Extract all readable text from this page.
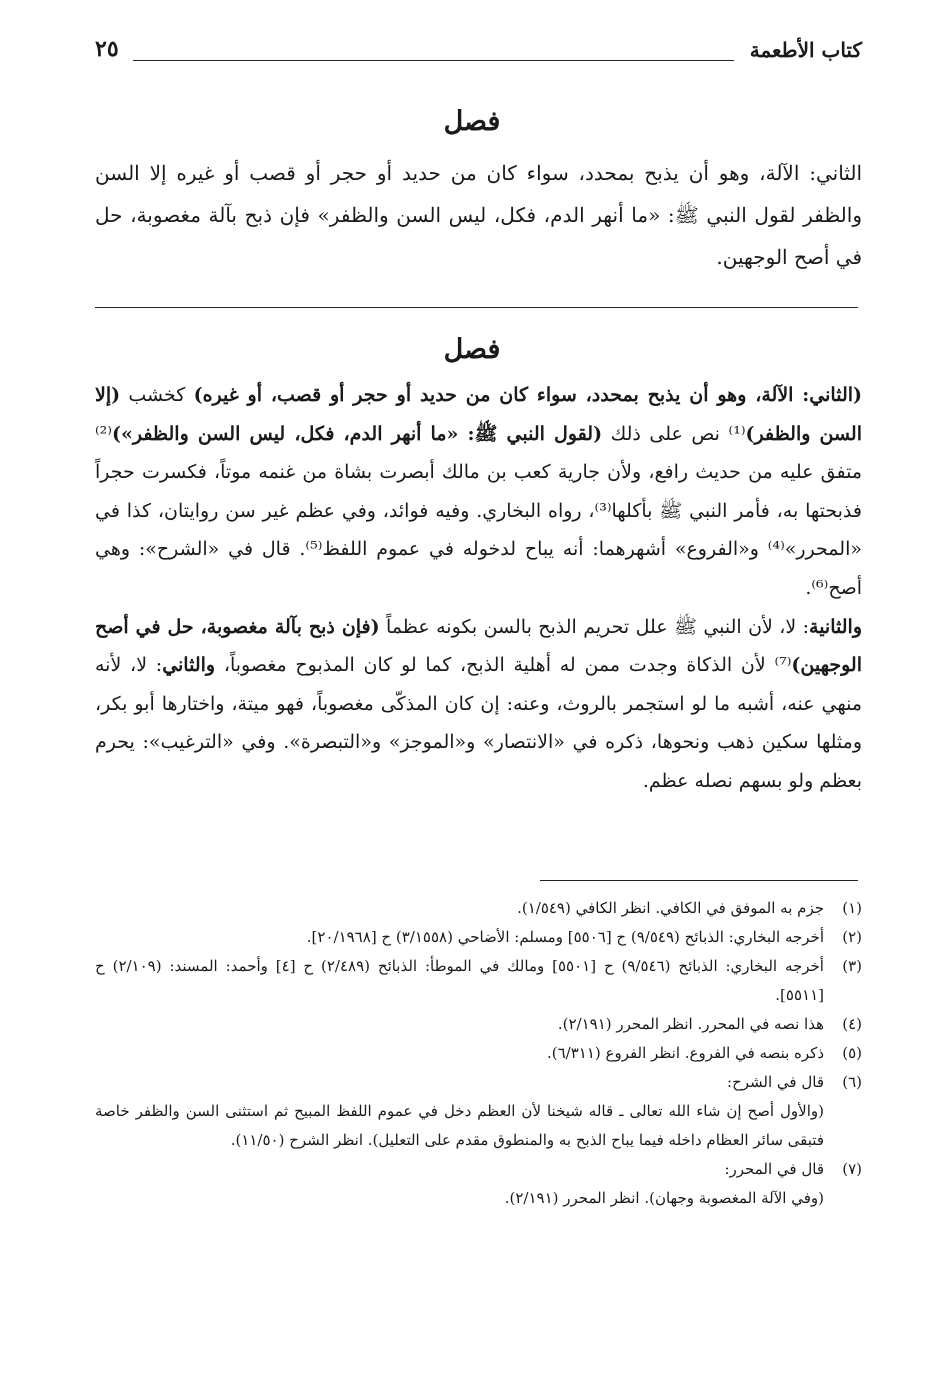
كتاب الأطعمة
٢٥
فصل
الثاني: الآلة، وهو أن يذبح بمحدد، سواء كان من حديد أو حجر أو قصب أو غيره إلا السن والظفر لقول النبي ﷺ: «ما أنهر الدم، فكل، ليس السن والظفر» فإن ذبح بآلة مغصوبة، حل في أصح الوجهين.
فصل

(الثاني: الآلة، وهو أن يذبح بمحدد، سواء كان من حديد أو حجر أو قصب، أو غيره) كخشب (إلا السن والظفر)⁽¹⁾ نص على ذلك (لقول النبي ﷺ: «ما أنهر الدم، فكل، ليس السن والظفر»)⁽²⁾ متفق عليه من حديث رافع، ولأن جارية كعب بن مالك أبصرت بشاة من غنمه موتاً، فكسرت حجراً فذبحتها به، فأمر النبي ﷺ بأكلها⁽³⁾، رواه البخاري. وفيه فوائد، وفي عظم غير سن روايتان، كذا في «المحرر»⁽⁴⁾ و«الفروع» أشهرهما: أنه يباح لدخوله في عموم اللفظ⁽⁵⁾. قال في «الشرح»: وهي أصح⁽⁶⁾.

والثانية: لا، لأن النبي ﷺ علل تحريم الذبح بالسن بكونه عظماً (فإن ذبح بآلة مغصوبة، حل في أصح الوجهين)⁽⁷⁾ لأن الذكاة وجدت ممن له أهلية الذبح، كما لو كان المذبوح مغصوباً، والثاني: لا، لأنه منهي عنه، أشبه ما لو استجمر بالروث، وعنه: إن كان المذكّى مغصوباً، فهو ميتة، واختارها أبو بكر، ومثلها سكين ذهب ونحوها، ذكره في «الانتصار» و«الموجز» و«التبصرة». وفي «الترغيب»: يحرم بعظم ولو بسهم نصله عظم.

(١)
جزم به الموفق في الكافي. انظر الكافي (١/٥٤٩).
(٢)
أخرجه البخاري: الذبائح (٩/٥٤٩) ح [٥٥٠٦] ومسلم: الأضاحي (٣/١٥٥٨) ح [٢٠/١٩٦٨].
(٣)
أخرجه البخاري: الذبائح (٩/٥٤٦) ح [٥٥٠١] ومالك في الموطأ: الذبائح (٢/٤٨٩) ح [٤] وأحمد: المسند: (٢/١٠٩) ح [٥٥١١].
(٤)
هذا نصه في المحرر. انظر المحرر (٢/١٩١).
(٥)
ذكره بنصه في الفروع. انظر الفروع (٦/٣١١).
(٦)
قال في الشرح:
(والأول أصح إن شاء الله تعالى ـ قاله شيخنا لأن العظم دخل في عموم اللفظ المبيح ثم استثنى السن والظفر خاصة فتبقى سائر العظام داخله فيما يباح الذبح به والمنطوق مقدم على التعليل). انظر الشرح (١١/٥٠).
(٧)
قال في المحرر:
(وفي الآلة المغصوبة وجهان). انظر المحرر (٢/١٩١).
